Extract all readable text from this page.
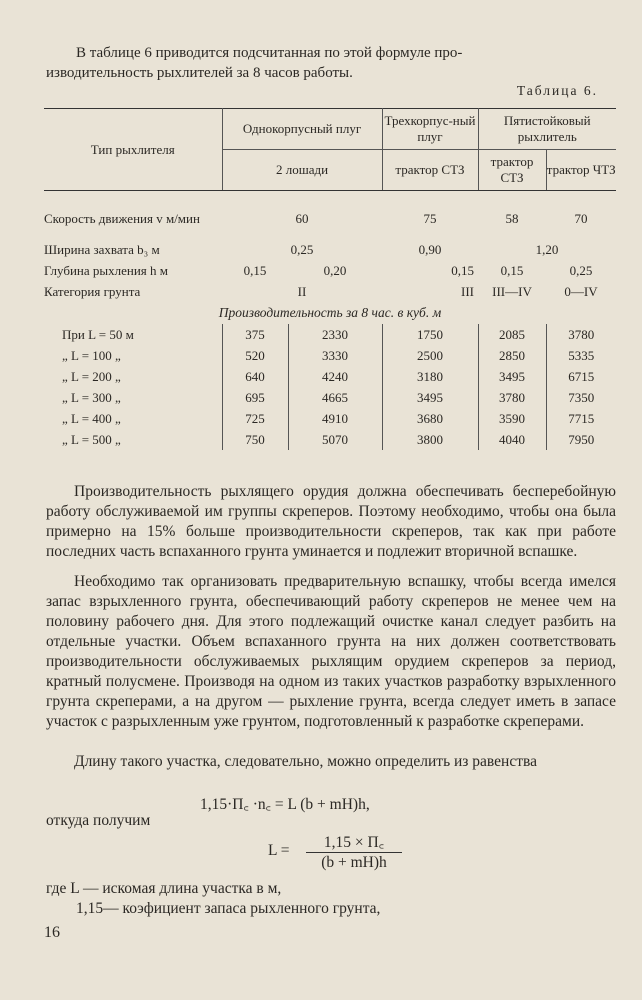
В таблице 6 приводится подсчитанная по этой формуле про-
изводительность рыхлителей за 8 часов работы.
Таблица 6.
Тип рыхлителя	Однокорпусный плуг		Трехкорпус-ный плуг	Пятистойковый рыхлитель	
	2 лошади		трактор СТЗ	трактор СТЗ	трактор ЧТЗ

Скорость движения v м/мин	60		75	58	70
Ширина захвата b₃ м	0,25		0,90	1,20	
Глубина рыхления h м	0,15	0,20	0,15	0,15	0,25
Категория грунта	II		III	III—IV	0—IV
Производительность за 8 час. в куб. м					
При L = 50 м	375	2330	1750	2085	3780
„ L = 100 „	520	3330	2500	2850	5335
„ L = 200 „	640	4240	3180	3495	6715
„ L = 300 „	695	4665	3495	3780	7350
„ L = 400 „	725	4910	3680	3590	7715
„ L = 500 „	750	5070	3800	4040	7950
Производительность рыхлящего орудия должна обеспечивать бесперебойную работу обслуживаемой им группы скреперов. Поэтому необходимо, чтобы она была примерно на 15% больше производительности скреперов, так как при работе последних часть вспаханного грунта уминается и подлежит вторичной вспашке.
Необходимо так организовать предварительную вспашку, чтобы всегда имелся запас взрыхленного грунта, обеспечивающий работу скреперов не менее чем на половину рабочего дня. Для этого подлежащий очистке канал следует разбить на отдельные участки. Объем вспаханного грунта на них должен соответствовать производительности обслуживаемых рыхлящим орудием скреперов за период, кратный полусмене. Производя на одном из таких участков разработку взрыхленного грунта скреперами, а на другом — рыхление грунта, всегда следует иметь в запасе участок с разрыхленным уже грунтом, подготовленный к разработке скреперами.
Длину такого участка, следовательно, можно определить из равенства
1,15·П꜀ ·n꜀ = L (b + mH)h,
откуда получим
L =	1,15 × П꜀
(b + mH)h
где L — искомая длина участка в м,
1,15— коэфициент запаса рыхленного грунта,
16
